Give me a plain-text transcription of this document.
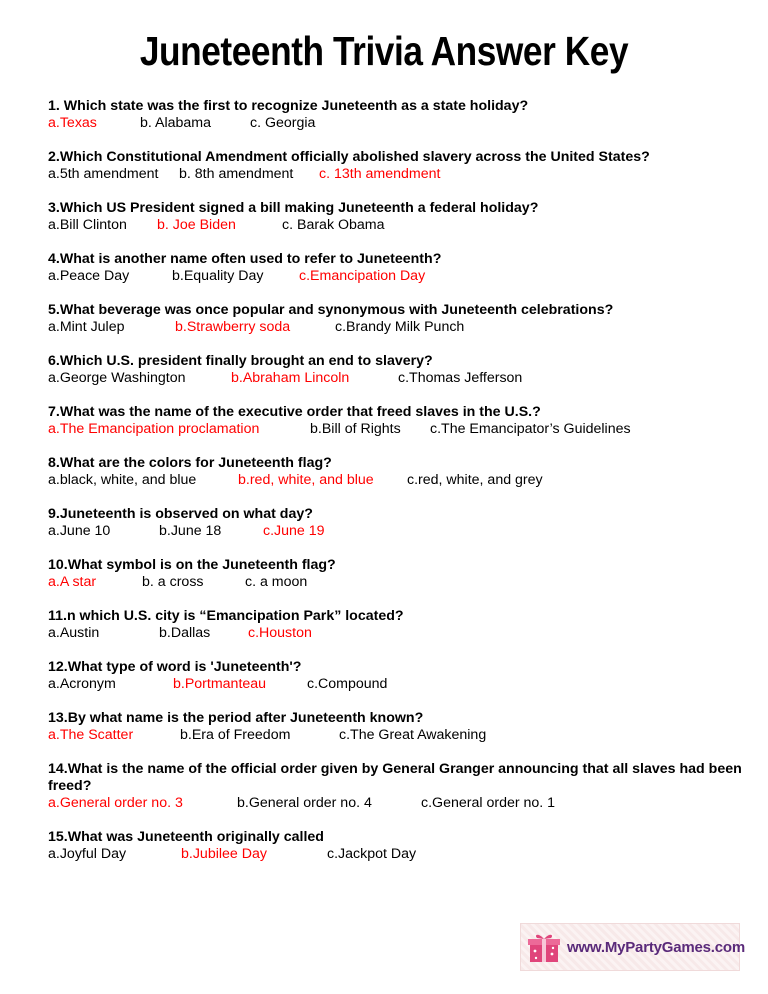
Juneteenth Trivia Answer Key

1. Which state was the first to recognize Juneteenth as a state holiday?

a.Texas	b. Alabama	c. Georgia

2.Which Constitutional Amendment officially abolished slavery across the United States?

a.5th amendment b. 8th amendment c. 13th amendment

3.Which US President signed a bill making Juneteenth a federal holiday?

a.Bill Clinton b. Joe Biden	c. Barak Obama

4.What is another name often used to refer to Juneteenth?

a.Peace Day	b.Equality Day	c.Emancipation Day

5.What beverage was once popular and synonymous with Juneteenth celebrations?

a.Mint Julep	b.Strawberry soda	c.Brandy Milk Punch

6.Which U.S. president finally brought an end to slavery?

a.George Washington	b.Abraham Lincoln	c.Thomas Jefferson

7.What was the name of the executive order that freed slaves in the U.S.?

a.The Emancipation proclamation	b.Bill of Rights c.The Emancipator’s Guidelines

8.What are the colors for Juneteenth flag?

a.black, white, and blue	b.red, white, and blue c.red, white, and grey

9.Juneteenth is observed on what day?

a.June 10	b.June 18	c.June 19

10.What symbol is on the Juneteenth flag?

a.A star	b. a cross	c. a moon

11.n which U.S. city is “Emancipation Park” located?

a.Austin	b.Dallas	c.Houston

12.What type of word is 'Juneteenth'?

a.Acronym	b.Portmanteau	c.Compound

13.By what name is the period after Juneteenth known?

a.The Scatter	b.Era of Freedom	c.The Great Awakening

14.What is the name of the official order given by General Granger announcing that all slaves had been freed?

a.General order no. 3	b.General order no. 4	c.General order no. 1

15.What was Juneteenth originally called

a.Joyful Day	b.Jubilee Day	c.Jackpot Day
www.MyPartyGames.com
